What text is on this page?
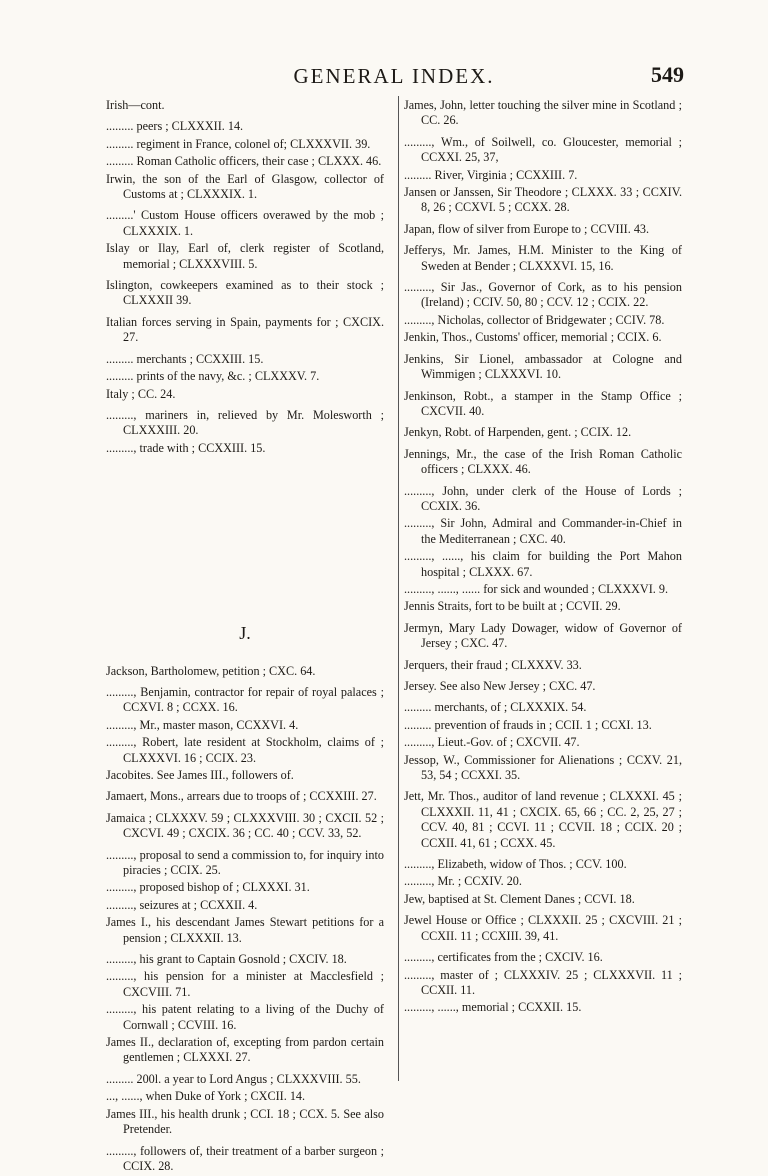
GENERAL INDEX.	549
Irish—cont.
......... peers ; CLXXXII. 14.
......... regiment in France, colonel of; CLXXXVII. 39.
......... Roman Catholic officers, their case ; CLXXX. 46.
Irwin, the son of the Earl of Glasgow, collector of Customs at ; CLXXXIX. 1.
.........' Custom House officers overawed by the mob ; CLXXXIX. 1.
Islay or Ilay, Earl of, clerk register of Scotland, memorial ; CLXXXVIII. 5.
Islington, cowkeepers examined as to their stock ; CLXXXII 39.
Italian forces serving in Spain, payments for ; CXCIX. 27.
......... merchants ; CCXXIII. 15.
......... prints of the navy, &c. ; CLXXXV. 7.
Italy ; CC. 24.
........., mariners in, relieved by Mr. Molesworth ; CLXXXIII. 20.
........., trade with ; CCXXIII. 15.
J.
Jackson, Bartholomew, petition ; CXC. 64.
........., Benjamin, contractor for repair of royal palaces ; CCXVI. 8 ; CCXX. 16.
........., Mr., master mason, CCXXVI. 4.
........., Robert, late resident at Stockholm, claims of ; CLXXXVI. 16 ; CCIX. 23.
Jacobites. See James III., followers of.
Jamaert, Mons., arrears due to troops of ; CCXXIII. 27.
Jamaica ; CLXXXV. 59 ; CLXXXVIII. 30 ; CXCII. 52 ; CXCVI. 49 ; CXCIX. 36 ; CC. 40 ; CCV. 33, 52.
........., proposal to send a commission to, for inquiry into piracies ; CCIX. 25.
........., proposed bishop of ; CLXXXI. 31.
........., seizures at ; CCXXII. 4.
James I., his descendant James Stewart petitions for a pension ; CLXXXII. 13.
........., his grant to Captain Gosnold ; CXCIV. 18.
........., his pension for a minister at Macclesfield ; CXCVIII. 71.
........., his patent relating to a living of the Duchy of Cornwall ; CCVIII. 16.
James II., declaration of, excepting from pardon certain gentlemen ; CLXXXI. 27.
......... 200l. a year to Lord Angus ; CLXXXVIII. 55.
..., ......, when Duke of York ; CXCII. 14.
James III., his health drunk ; CCI. 18 ; CCX. 5. See also Pretender.
........., followers of, their treatment of a barber surgeon ; CCIX. 28.
James, John, letter touching the silver mine in Scotland ; CC. 26.
........., Wm., of Soilwell, co. Gloucester, memorial ; CCXXI. 25, 37,
......... River, Virginia ; CCXXIII. 7.
Jansen or Janssen, Sir Theodore ; CLXXX. 33 ; CCXIV. 8, 26 ; CCXVI. 5 ; CCXX. 28.
Japan, flow of silver from Europe to ; CCVIII. 43.
Jefferys, Mr. James, H.M. Minister to the King of Sweden at Bender ; CLXXXVI. 15, 16.
........., Sir Jas., Governor of Cork, as to his pension (Ireland) ; CCIV. 50, 80 ; CCV. 12 ; CCIX. 22.
........., Nicholas, collector of Bridgewater ; CCIV. 78.
Jenkin, Thos., Customs' officer, memorial ; CCIX. 6.
Jenkins, Sir Lionel, ambassador at Cologne and Wimmigen ; CLXXXVI. 10.
Jenkinson, Robt., a stamper in the Stamp Office ; CXCVII. 40.
Jenkyn, Robt. of Harpenden, gent. ; CCIX. 12.
Jennings, Mr., the case of the Irish Roman Catholic officers ; CLXXX. 46.
........., John, under clerk of the House of Lords ; CCXIX. 36.
........., Sir John, Admiral and Commander-in-Chief in the Mediterranean ; CXC. 40.
........., ......, his claim for building the Port Mahon hospital ; CLXXX. 67.
........., ......, ...... for sick and wounded ; CLXXXVI. 9.
Jennis Straits, fort to be built at ; CCVII. 29.
Jermyn, Mary Lady Dowager, widow of Governor of Jersey ; CXC. 47.
Jerquers, their fraud ; CLXXXV. 33.
Jersey. See also New Jersey ; CXC. 47.
......... merchants, of ; CLXXXIX. 54.
......... prevention of frauds in ; CCII. 1 ; CCXI. 13.
........., Lieut.-Gov. of ; CXCVII. 47.
Jessop, W., Commissioner for Alienations ; CCXV. 21, 53, 54 ; CCXXI. 35.
Jett, Mr. Thos., auditor of land revenue ; CLXXXI. 45 ; CLXXXII. 11, 41 ; CXCIX. 65, 66 ; CC. 2, 25, 27 ; CCV. 40, 81 ; CCVI. 11 ; CCVII. 18 ; CCIX. 20 ; CCXII. 41, 61 ; CCXX. 45.
........., Elizabeth, widow of Thos. ; CCV. 100.
........., Mr. ; CCXIV. 20.
Jew, baptised at St. Clement Danes ; CCVI. 18.
Jewel House or Office ; CLXXXII. 25 ; CXCVIII. 21 ; CCXII. 11 ; CCXIII. 39, 41.
........., certificates from the ; CXCIV. 16.
........., master of ; CLXXXIV. 25 ; CLXXXVII. 11 ; CCXII. 11.
........., ......, memorial ; CCXXII. 15.
